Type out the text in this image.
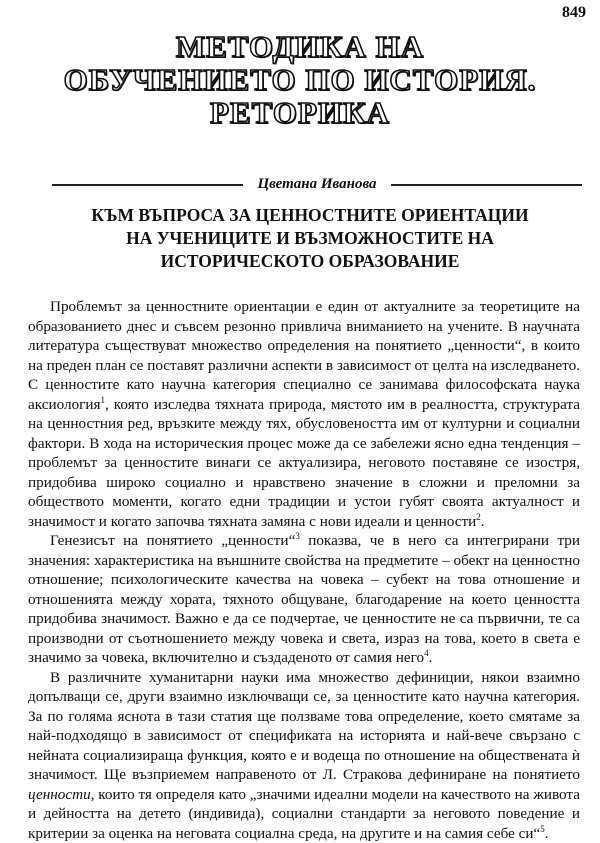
849
МЕТОДИКА НА
ОБУЧЕНИЕТО ПО ИСТОРИЯ.
РЕТОРИКА
Цветана Иванова
КЪМ ВЪПРОСА ЗА ЦЕННОСТНИТЕ ОРИЕНТАЦИИ
НА УЧЕНИЦИТЕ И ВЪЗМОЖНОСТИТЕ НА
ИСТОРИЧЕСКОТО ОБРАЗОВАНИЕ

Проблемът за ценностните ориентации е един от актуалните за теоретиците на образованието днес и съвсем резонно привлича вниманието на учените. В научната литература съществуват множество определения на понятието „ценности“, в които на преден план се поставят различни аспекти в зависимост от целта на изследването. С ценностите като научна категория специално се занимава философската наука аксиология$^1$, която изследва тяхната природа, мястото им в реалността, структурата на ценностния ред, връзките между тях, обусловеността им от културни и социални фактори. В хода на историческия процес може да се забележи ясно една тенденция – проблемът за ценностите винаги се актуализира, неговото поставяне се изостря, придобива широко социално и нравствено значение в сложни и преломни за обществото моменти, когато едни традиции и устои губят своята актуалност и значимост и когато започва тяхната замяна с нови идеали и ценности$^2$.

Генезисът на понятието „ценности“$^3$ показва, че в него са интегрирани три значения: характеристика на външните свойства на предметите – обект на ценностно отношение; психологическите качества на човека – субект на това отношение и отношенията между хората, тяхното общуване, благодарение на което ценността придобива значимост. Важно е да се подчертае, че ценностите не са първични, те са производни от съотношението между човека и света, израз на това, което в света е значимо за човека, включително и създаденото от самия него$^4$.

В различните хуманитарни науки има множество дефиниции, някои взаимно допълващи се, други взаимно изключващи се, за ценностите като научна категория. За по голяма яснота в тази статия ще ползваме това определение, което смятаме за най-подходящо в зависимост от спецификата на историята и най-вече свързано с нейната социализираща функция, която е и водеща по отношение на обществената ѝ значимост. Ще възприемем направеното от Л. Стракова дефиниране на понятието ценности, които тя определя като „значими идеални модели на качеството на живота и дейността на детето (индивида), социални стандарти за неговото поведение и критерии за оценка на неговата социална среда, на другите и на самия себе си“$^5$.
